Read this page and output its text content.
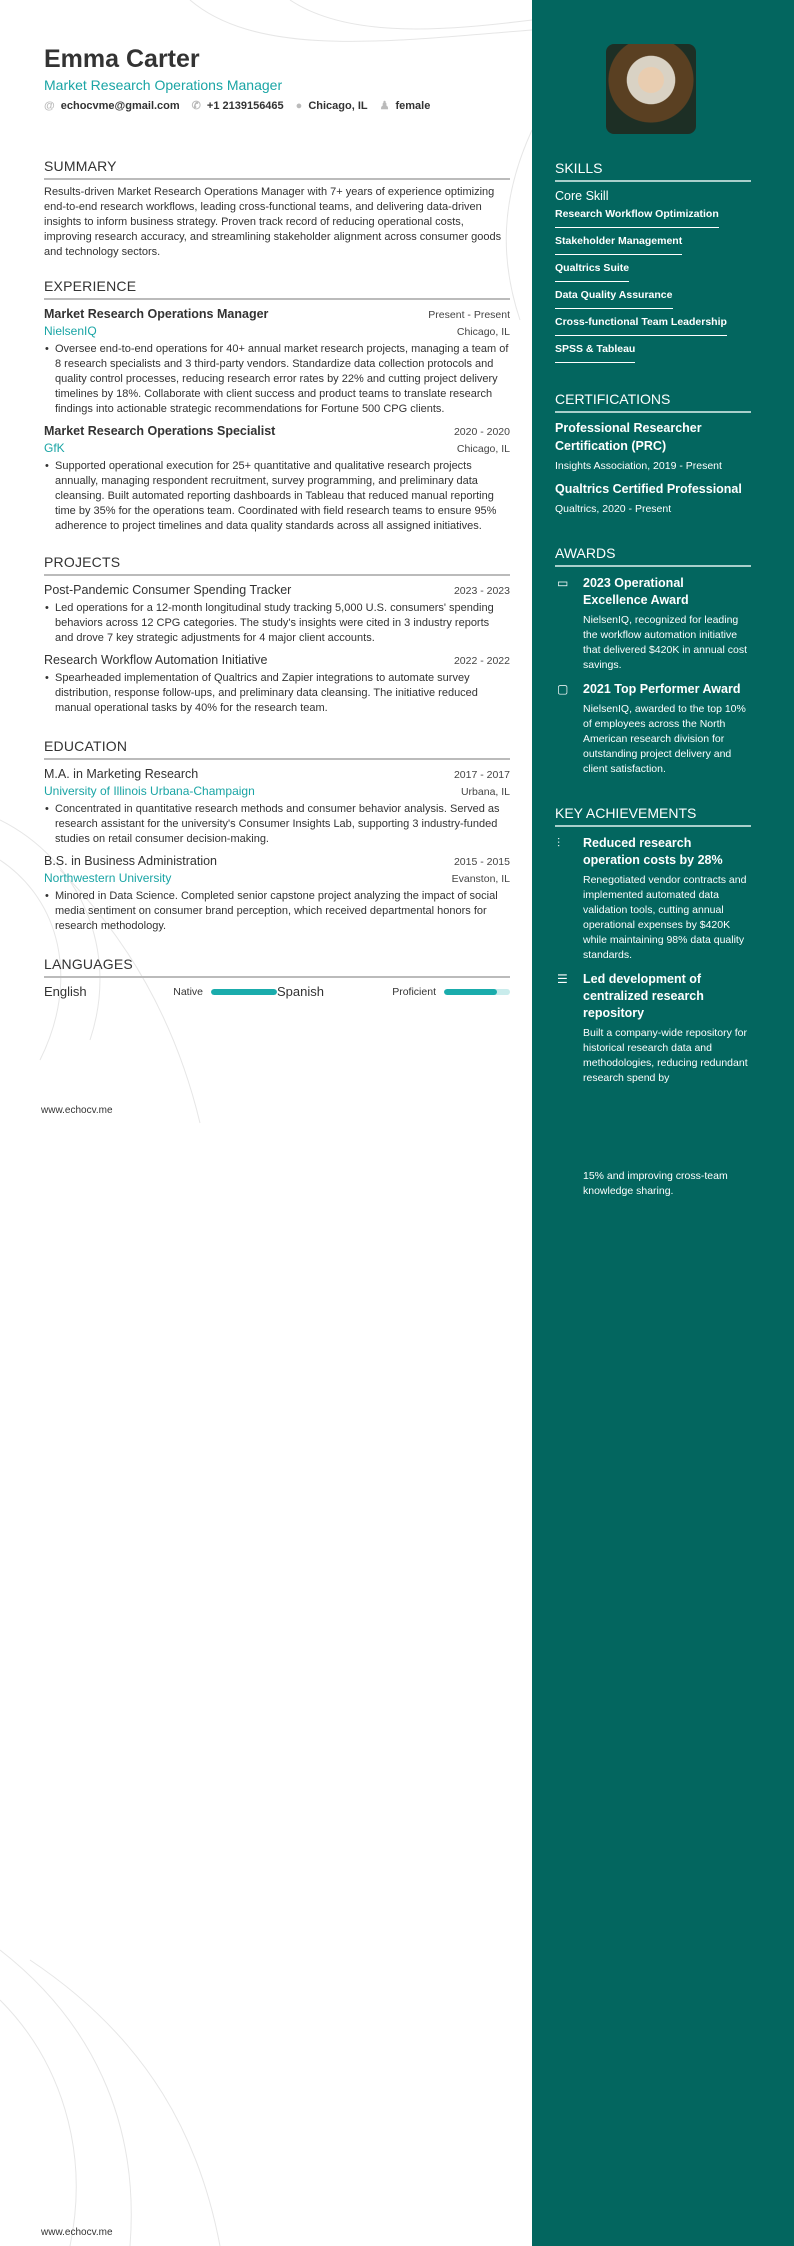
Emma Carter
Market Research Operations Manager
@ echocvme@gmail.com ✆ +1 2139156465 ● Chicago, IL ♟ female
SUMMARY
Results-driven Market Research Operations Manager with 7+ years of experience optimizing end-to-end research workflows, leading cross-functional teams, and delivering data-driven insights to inform business strategy. Proven track record of reducing operational costs, improving research accuracy, and streamlining stakeholder alignment across consumer goods and technology sectors.
EXPERIENCE
Market Research Operations Manager	Present - Present
NielsenIQ	Chicago, IL
• Oversee end-to-end operations for 40+ annual market research projects, managing a team of 8 research specialists and 3 third-party vendors. Standardize data collection protocols and quality control processes, reducing research error rates by 22% and cutting project delivery timelines by 18%. Collaborate with client success and product teams to translate research findings into actionable strategic recommendations for Fortune 500 CPG clients.
Market Research Operations Specialist	2020 - 2020
GfK	Chicago, IL
• Supported operational execution for 25+ quantitative and qualitative research projects annually, managing respondent recruitment, survey programming, and preliminary data cleansing. Built automated reporting dashboards in Tableau that reduced manual reporting time by 35% for the operations team. Coordinated with field research teams to ensure 95% adherence to project timelines and data quality standards across all assigned initiatives.
PROJECTS
Post-Pandemic Consumer Spending Tracker	2023 - 2023
• Led operations for a 12-month longitudinal study tracking 5,000 U.S. consumers' spending behaviors across 12 CPG categories. The study's insights were cited in 3 industry reports and drove 7 key strategic adjustments for 4 major client accounts.
Research Workflow Automation Initiative	2022 - 2022
• Spearheaded implementation of Qualtrics and Zapier integrations to automate survey distribution, response follow-ups, and preliminary data cleansing. The initiative reduced manual operational tasks by 40% for the research team.
EDUCATION
M.A. in Marketing Research	2017 - 2017
University of Illinois Urbana-Champaign	Urbana, IL
• Concentrated in quantitative research methods and consumer behavior analysis. Served as research assistant for the university's Consumer Insights Lab, supporting 3 industry-funded studies on retail consumer decision-making.
B.S. in Business Administration	2015 - 2015
Northwestern University	Evanston, IL
• Minored in Data Science. Completed senior capstone project analyzing the impact of social media sentiment on consumer brand perception, which received departmental honors for research methodology.
LANGUAGES
English	Native	Spanish	Proficient
www.echocv.me
www.echocv.me
SKILLS
Core Skill
Research Workflow Optimization
Stakeholder Management
Qualtrics Suite
Data Quality Assurance
Cross-functional Team Leadership
SPSS & Tableau
CERTIFICATIONS
Professional Researcher Certification (PRC)
Insights Association, 2019 - Present
Qualtrics Certified Professional
Qualtrics, 2020 - Present
AWARDS
▭	2023 Operational Excellence Award
NielsenIQ, recognized for leading the workflow automation initiative that delivered $420K in annual cost savings.
▢	2021 Top Performer Award
NielsenIQ, awarded to the top 10% of employees across the North American research division for outstanding project delivery and client satisfaction.
KEY ACHIEVEMENTS
⫶	Reduced research operation costs by 28%
Renegotiated vendor contracts and implemented automated data validation tools, cutting annual operational expenses by $420K while maintaining 98% data quality standards.
☰	Led development of centralized research repository
Built a company-wide repository for historical research data and methodologies, reducing redundant research spend by
15% and improving cross-team knowledge sharing.
